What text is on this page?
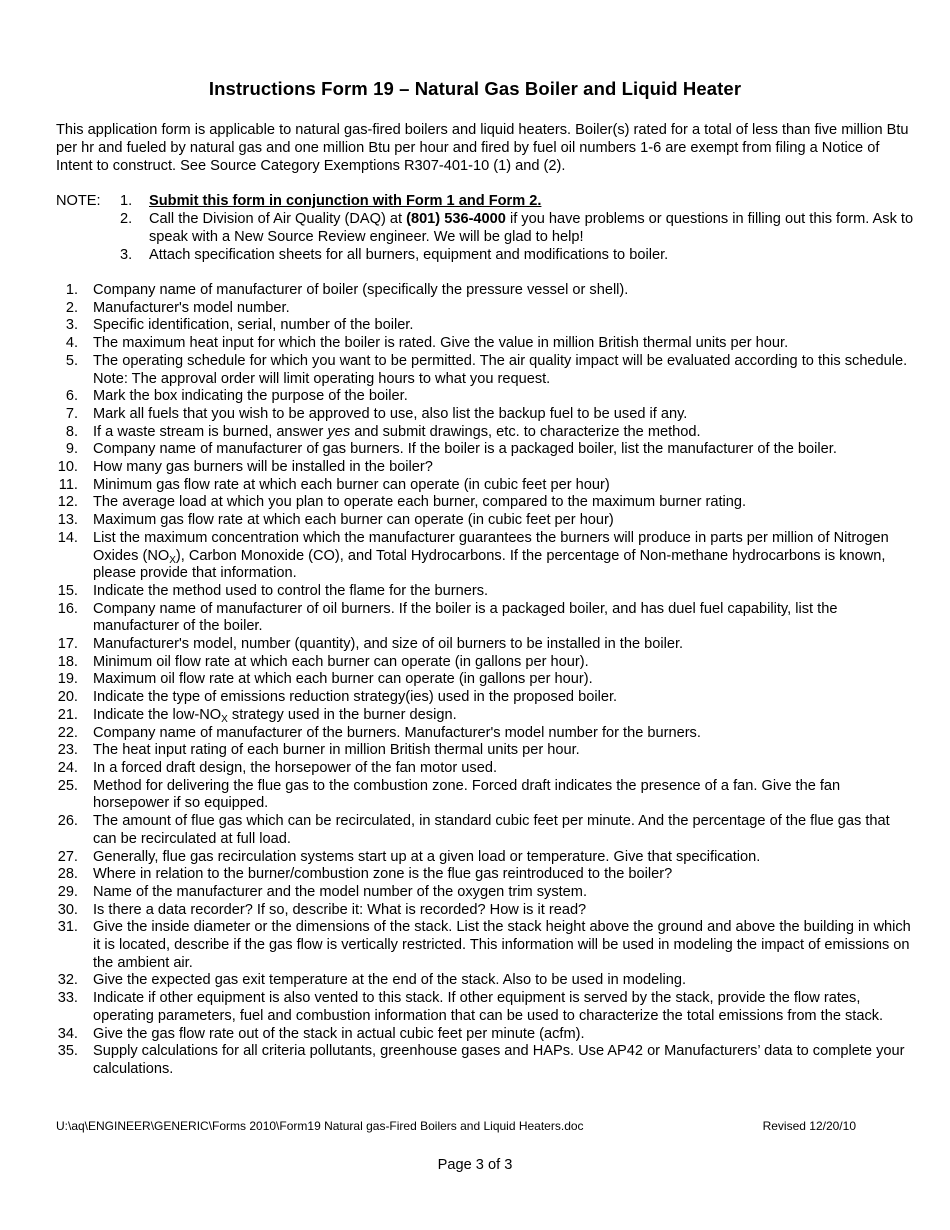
Instructions Form 19 – Natural Gas Boiler and Liquid Heater
This application form is applicable to natural gas-fired boilers and liquid heaters. Boiler(s) rated for a total of less than five million Btu per hr and fueled by natural gas and one million Btu per hour and fired by fuel oil numbers 1-6 are exempt from filing a Notice of Intent to construct. See Source Category Exemptions R307-401-10 (1) and (2).
NOTE: 1. Submit this form in conjunction with Form 1 and Form 2.
2. Call the Division of Air Quality (DAQ) at (801) 536-4000 if you have problems or questions in filling out this form. Ask to speak with a New Source Review engineer. We will be glad to help!
3. Attach specification sheets for all burners, equipment and modifications to boiler.
1. Company name of manufacturer of boiler (specifically the pressure vessel or shell).
2. Manufacturer's model number.
3. Specific identification, serial, number of the boiler.
4. The maximum heat input for which the boiler is rated. Give the value in million British thermal units per hour.
5. The operating schedule for which you want to be permitted. The air quality impact will be evaluated according to this schedule. Note: The approval order will limit operating hours to what you request.
6. Mark the box indicating the purpose of the boiler.
7. Mark all fuels that you wish to be approved to use, also list the backup fuel to be used if any.
8. If a waste stream is burned, answer yes and submit drawings, etc. to characterize the method.
9. Company name of manufacturer of gas burners. If the boiler is a packaged boiler, list the manufacturer of the boiler.
10. How many gas burners will be installed in the boiler?
11. Minimum gas flow rate at which each burner can operate (in cubic feet per hour)
12. The average load at which you plan to operate each burner, compared to the maximum burner rating.
13. Maximum gas flow rate at which each burner can operate (in cubic feet per hour)
14. List the maximum concentration which the manufacturer guarantees the burners will produce in parts per million of Nitrogen Oxides $(NO_X)$, Carbon Monoxide (CO), and Total Hydrocarbons. If the percentage of Non-methane hydrocarbons is known, please provide that information.
15. Indicate the method used to control the flame for the burners.
16. Company name of manufacturer of oil burners. If the boiler is a packaged boiler, and has duel fuel capability, list the manufacturer of the boiler.
17. Manufacturer's model, number (quantity), and size of oil burners to be installed in the boiler.
18. Minimum oil flow rate at which each burner can operate (in gallons per hour).
19. Maximum oil flow rate at which each burner can operate (in gallons per hour).
20. Indicate the type of emissions reduction strategy(ies) used in the proposed boiler.
21. Indicate the low-$NO_X$ strategy used in the burner design.
22. Company name of manufacturer of the burners. Manufacturer's model number for the burners.
23. The heat input rating of each burner in million British thermal units per hour.
24. In a forced draft design, the horsepower of the fan motor used.
25. Method for delivering the flue gas to the combustion zone. Forced draft indicates the presence of a fan. Give the fan horsepower if so equipped.
26. The amount of flue gas which can be recirculated, in standard cubic feet per minute. And the percentage of the flue gas that can be recirculated at full load.
27. Generally, flue gas recirculation systems start up at a given load or temperature. Give that specification.
28. Where in relation to the burner/combustion zone is the flue gas reintroduced to the boiler?
29. Name of the manufacturer and the model number of the oxygen trim system.
30. Is there a data recorder? If so, describe it: What is recorded? How is it read?
31. Give the inside diameter or the dimensions of the stack. List the stack height above the ground and above the building in which it is located, describe if the gas flow is vertically restricted. This information will be used in modeling the impact of emissions on the ambient air.
32. Give the expected gas exit temperature at the end of the stack. Also to be used in modeling.
33. Indicate if other equipment is also vented to this stack. If other equipment is served by the stack, provide the flow rates, operating parameters, fuel and combustion information that can be used to characterize the total emissions from the stack.
34. Give the gas flow rate out of the stack in actual cubic feet per minute (acfm).
35. Supply calculations for all criteria pollutants, greenhouse gases and HAPs. Use AP42 or Manufacturers’ data to complete your calculations.
U:\aq\ENGINEER\GENERIC\Forms 2010\Form19 Natural gas-Fired Boilers and Liquid Heaters.doc	Revised 12/20/10
Page 3 of 3
